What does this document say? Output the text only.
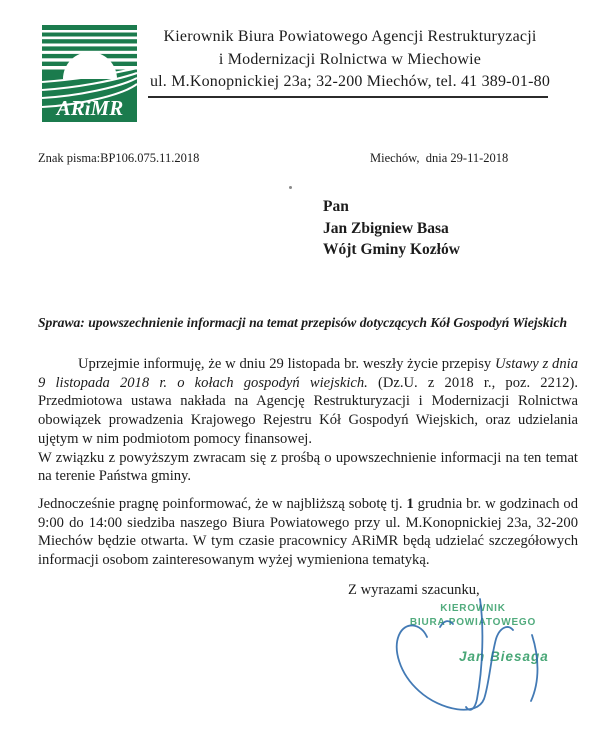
ARiMR
Kierownik Biura Powiatowego Agencji Restrukturyzacji
i Modernizacji Rolnictwa w Miechowie
ul. M.Konopnickiej 23a; 32-200 Miechów, tel. 41 389-01-80
Znak pisma:BP106.075.11.2018	Miechów,  dnia 29-11-2018
Pan
Jan Zbigniew Basa
Wójt Gminy Kozłów
Sprawa: upowszechnienie informacji na temat przepisów dotyczących Kół Gospodyń Wiejskich

Uprzejmie informuję, że w dniu 29 listopada br. weszły życie przepisy Ustawy z dnia 9 listopada 2018 r. o kołach gospodyń wiejskich. (Dz.U. z 2018 r., poz. 2212). Przedmiotowa ustawa nakłada na Agencję Restrukturyzacji i Modernizacji Rolnictwa obowiązek prowadzenia Krajowego Rejestru Kół Gospodyń Wiejskich, oraz udzielania ujętym w nim podmiotom pomocy finansowej.

W związku z powyższym zwracam się z prośbą o upowszechnienie informacji na ten temat na terenie Państwa gminy.

Jednocześnie pragnę poinformować, że w najbliższą sobotę tj. 1 grudnia br. w godzinach od 9:00 do 14:00 siedziba naszego Biura Powiatowego przy ul. M.Konopnickiej 23a, 32-200 Miechów będzie otwarta. W tym czasie pracownicy ARiMR będą udzielać szczegółowych informacji osobom zainteresowanym wyżej wymieniona tematyką.

Z wyrazami szacunku,
KIEROWNIK
BIURA POWIATOWEGO
Jan Biesaga
